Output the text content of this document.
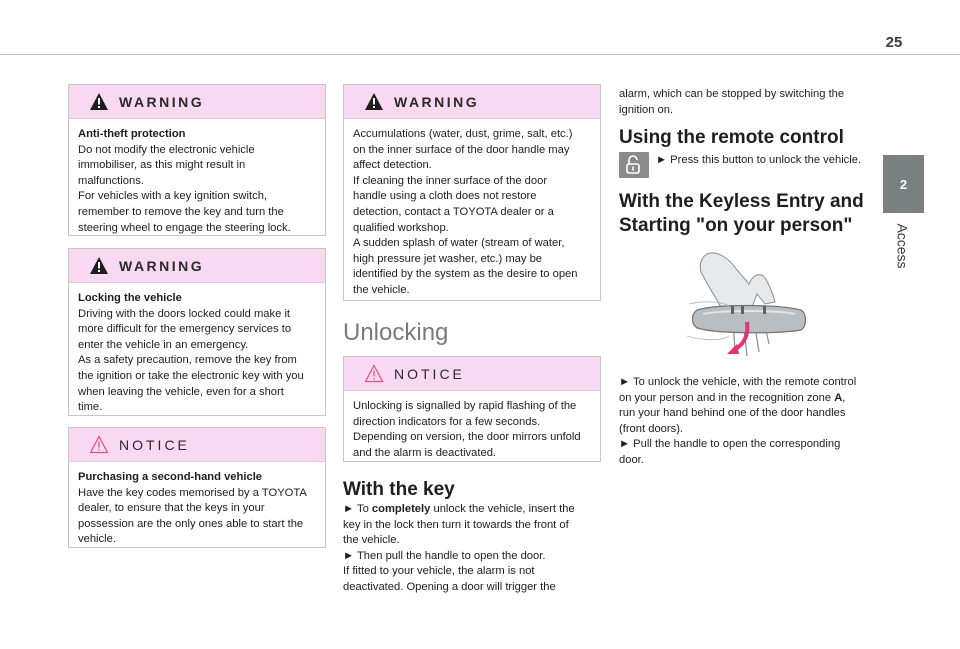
25
2
Access
WARNING
Anti-theft protection
Do not modify the electronic vehicle
immobiliser, as this might result in
malfunctions.
For vehicles with a key ignition switch,
remember to remove the key and turn the
steering wheel to engage the steering lock.
WARNING
Locking the vehicle
Driving with the doors locked could make it
more difficult for the emergency services to
enter the vehicle in an emergency.
As a safety precaution, remove the key from
the ignition or take the electronic key with you
when leaving the vehicle, even for a short
time.
NOTICE
Purchasing a second-hand vehicle
Have the key codes memorised by a TOYOTA
dealer, to ensure that the keys in your
possession are the only ones able to start the
vehicle.
WARNING
Accumulations (water, dust, grime, salt, etc.)
on the inner surface of the door handle may
affect detection.
If cleaning the inner surface of the door
handle using a cloth does not restore
detection, contact a TOYOTA dealer or a
qualified workshop.
A sudden splash of water (stream of water,
high pressure jet washer, etc.) may be
identified by the system as the desire to open
the vehicle.
Unlocking
NOTICE
Unlocking is signalled by rapid flashing of the
direction indicators for a few seconds.
Depending on version, the door mirrors unfold
and the alarm is deactivated.
With the key
► To completely unlock the vehicle, insert the
key in the lock then turn it towards the front of
the vehicle.
► Then pull the handle to open the door.
If fitted to your vehicle, the alarm is not
deactivated. Opening a door will trigger the
alarm, which can be stopped by switching the
ignition on.
Using the remote control
► Press this button to unlock the vehicle.
With the Keyless Entry and
Starting "on your person"
► To unlock the vehicle, with the remote control
on your person and in the recognition zone A,
run your hand behind one of the door handles
(front doors).
► Pull the handle to open the corresponding
door.
